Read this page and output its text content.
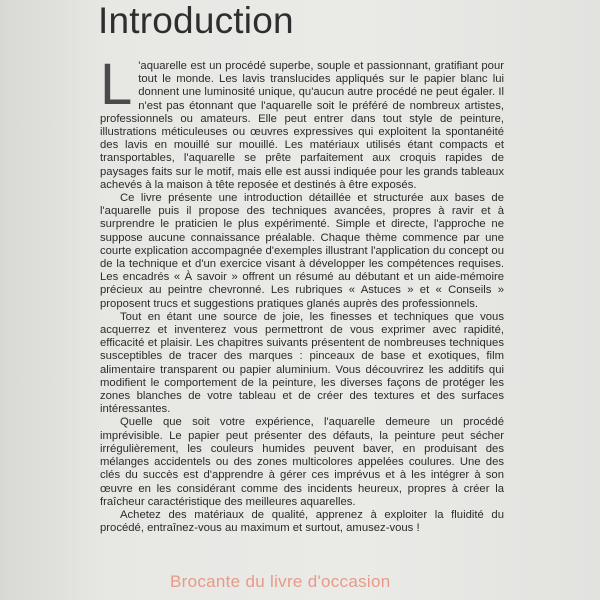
Introduction

L 'aquarelle est un procédé superbe, souple et passionnant, gratifiant pour tout le monde. Les lavis translucides appliqués sur le papier blanc lui donnent une luminosité unique, qu'aucun autre procédé ne peut égaler. Il n'est pas étonnant que l'aquarelle soit le préféré de nombreux artistes, professionnels ou amateurs. Elle peut entrer dans tout style de peinture, illustrations méticuleuses ou œuvres expressives qui exploitent la spontanéité des lavis en mouillé sur mouillé. Les matériaux utilisés étant compacts et transportables, l'aquarelle se prête parfaitement aux croquis rapides de paysages faits sur le motif, mais elle est aussi indiquée pour les grands tableaux achevés à la maison à tête reposée et destinés à être exposés.

Ce livre présente une introduction détaillée et structurée aux bases de l'aquarelle puis il propose des techniques avancées, propres à ravir et à surprendre le praticien le plus expérimenté. Simple et directe, l'approche ne suppose aucune connaissance préalable. Chaque thème commence par une courte explication accompagnée d'exemples illustrant l'application du concept ou de la technique et d'un exercice visant à développer les compétences requises. Les encadrés « À savoir » offrent un résumé au débutant et un aide-mémoire précieux au peintre chevronné. Les rubriques « Astuces » et « Conseils » proposent trucs et suggestions pratiques glanés auprès des professionnels.

Tout en étant une source de joie, les finesses et techniques que vous acquerrez et inventerez vous permettront de vous exprimer avec rapidité, efficacité et plaisir. Les chapitres suivants présentent de nombreuses techniques susceptibles de tracer des marques : pinceaux de base et exotiques, film alimentaire transparent ou papier aluminium. Vous découvrirez les additifs qui modifient le comportement de la peinture, les diverses façons de protéger les zones blanches de votre tableau et de créer des textures et des surfaces intéressantes.

Quelle que soit votre expérience, l'aquarelle demeure un procédé imprévisible. Le papier peut présenter des défauts, la peinture peut sécher irrégulièrement, les couleurs humides peuvent baver, en produisant des mélanges accidentels ou des zones multicolores appelées coulures. Une des clés du succès est d'apprendre à gérer ces imprévus et à les intégrer à son œuvre en les considérant comme des incidents heureux, propres à créer la fraîcheur caractéristique des meilleures aquarelles.

Achetez des matériaux de qualité, apprenez à exploiter la fluidité du procédé, entraînez-vous au maximum et surtout, amusez-vous !

Brocante du livre d'occasion
